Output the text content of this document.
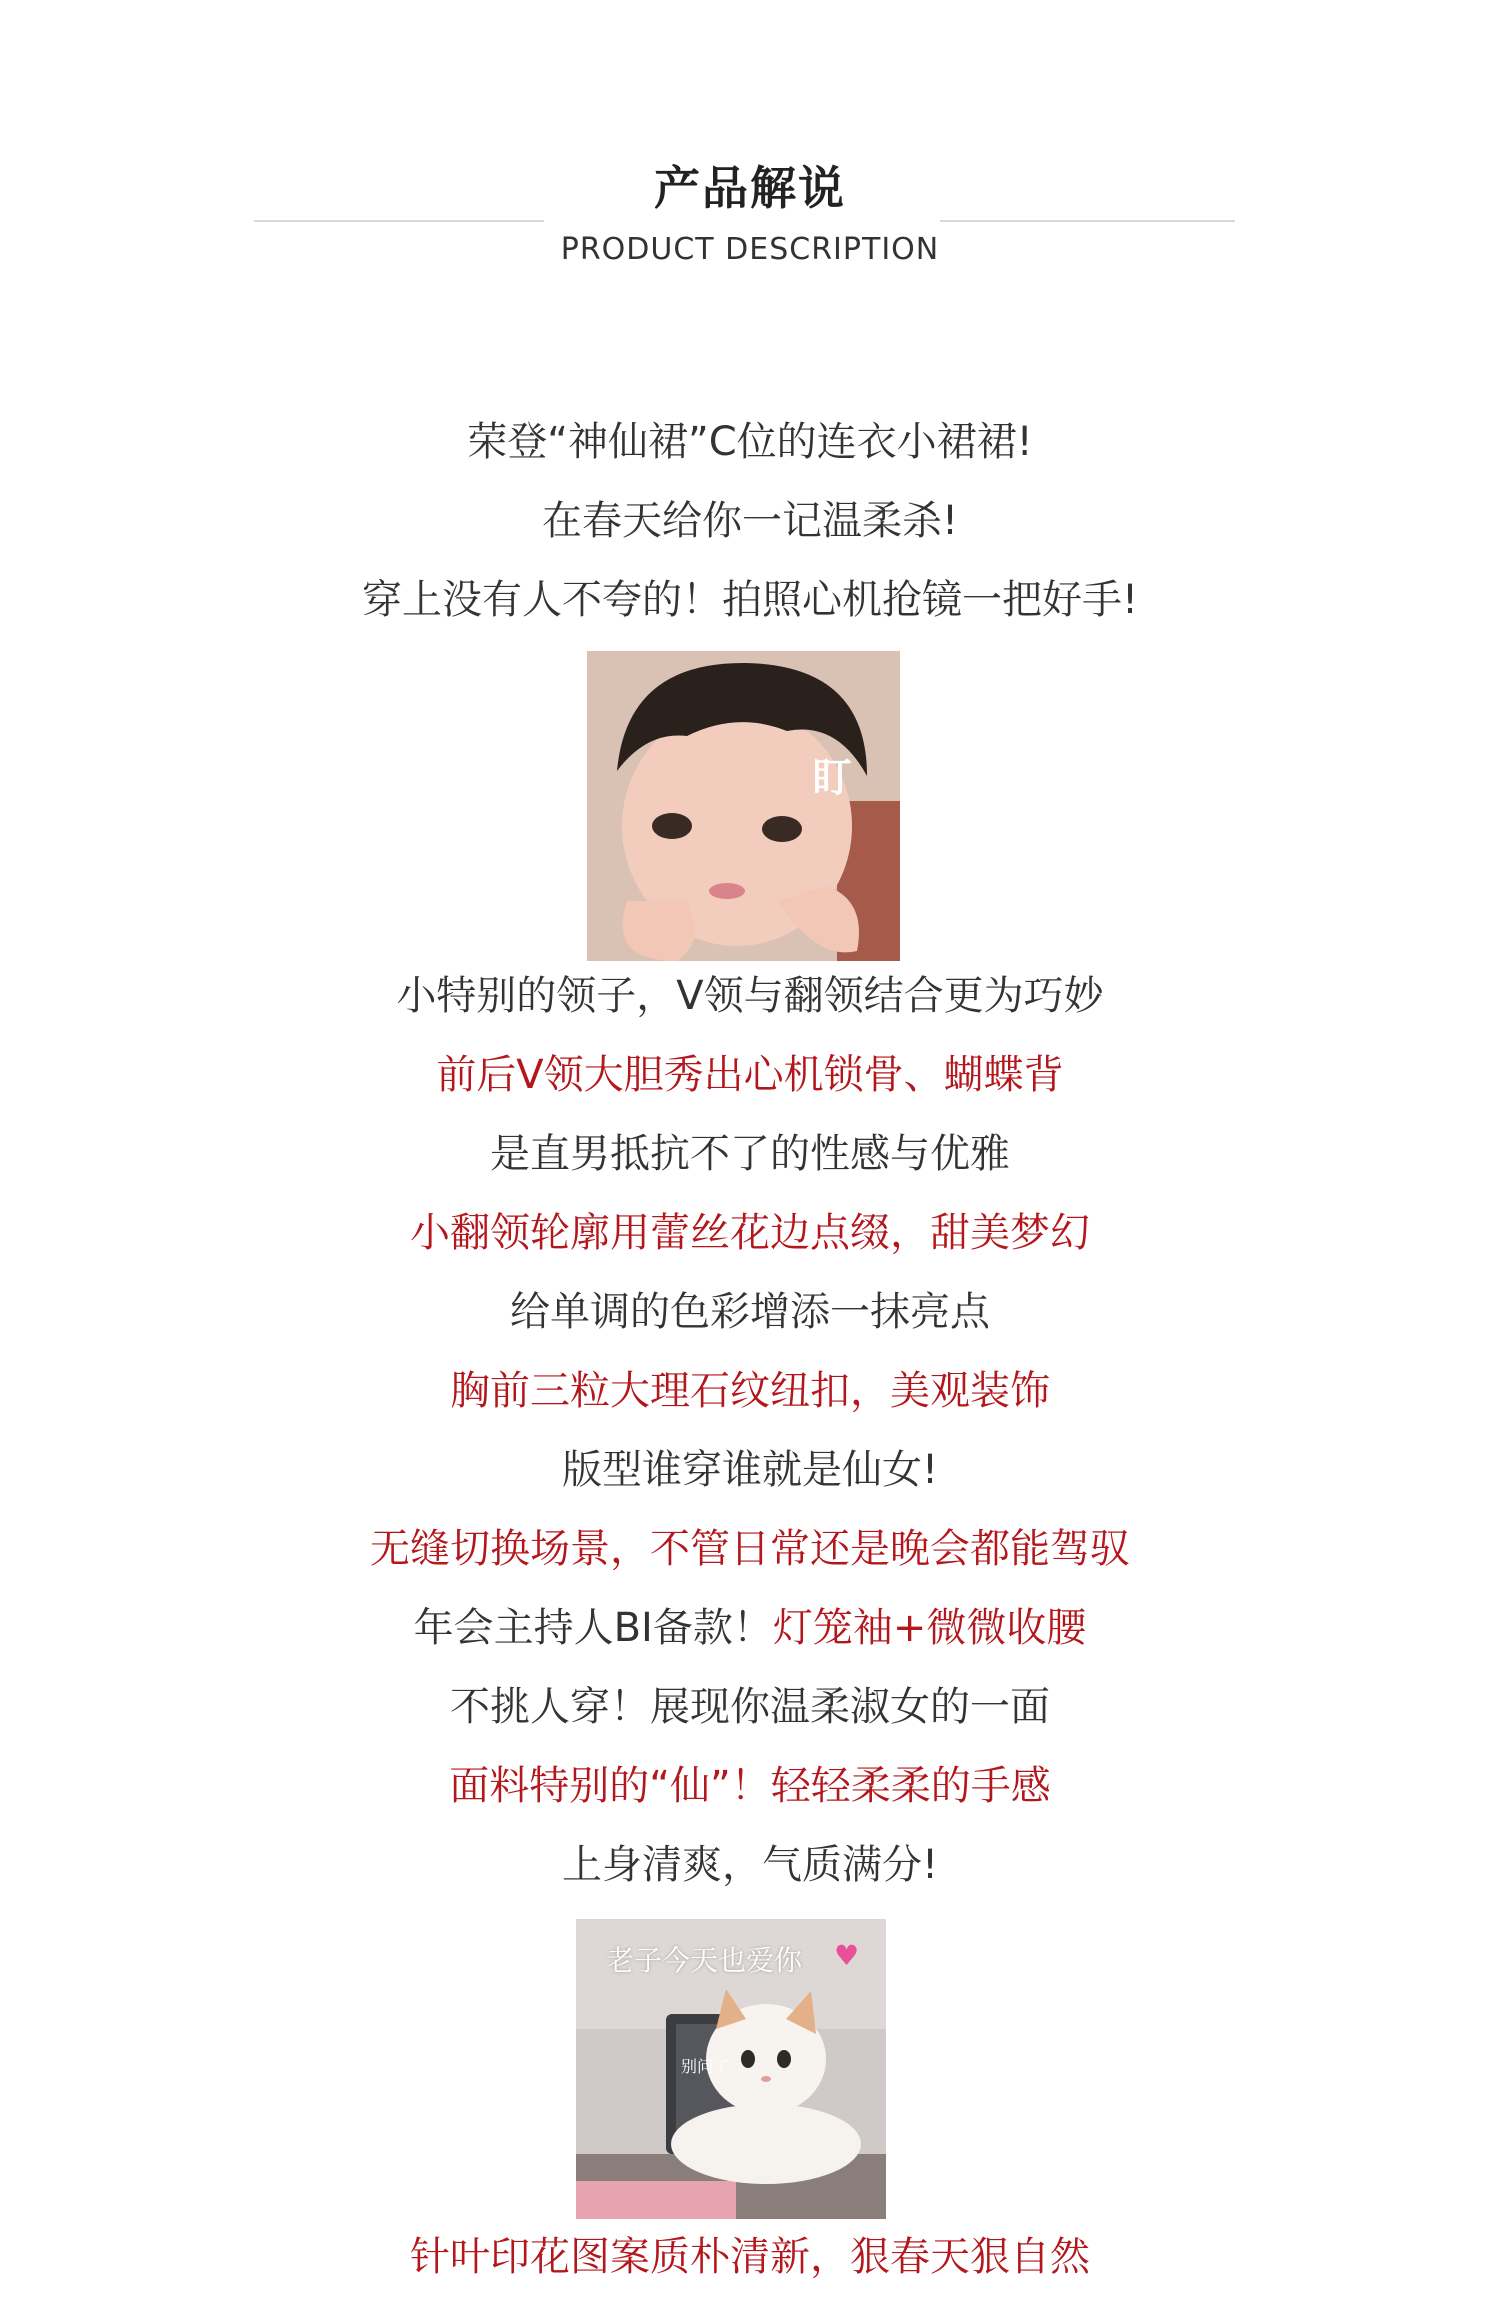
产品解说
PRODUCT DESCRIPTION
荣登“神仙裙”C位的连衣小裙裙!
在春天给你一记温柔杀!
穿上没有人不夸的！拍照心机抢镜一把好手!
盯
小特别的领子，V领与翻领结合更为巧妙
前后V领大胆秀出心机锁骨、蝴蝶背
是直男抵抗不了的性感与优雅
小翻领轮廓用蕾丝花边点缀，甜美梦幻
给单调的色彩增添一抹亮点
胸前三粒大理石纹纽扣，美观装饰
版型谁穿谁就是仙女!
无缝切换场景，不管日常还是晚会都能驾驭
年会主持人BI备款！灯笼袖+微微收腰
不挑人穿！展现你温柔淑女的一面
面料特别的“仙”！轻轻柔柔的手感
上身清爽，气质满分!
老子今天也爱你 ♥
别问了
针叶印花图案质朴清新，狠春天狠自然
